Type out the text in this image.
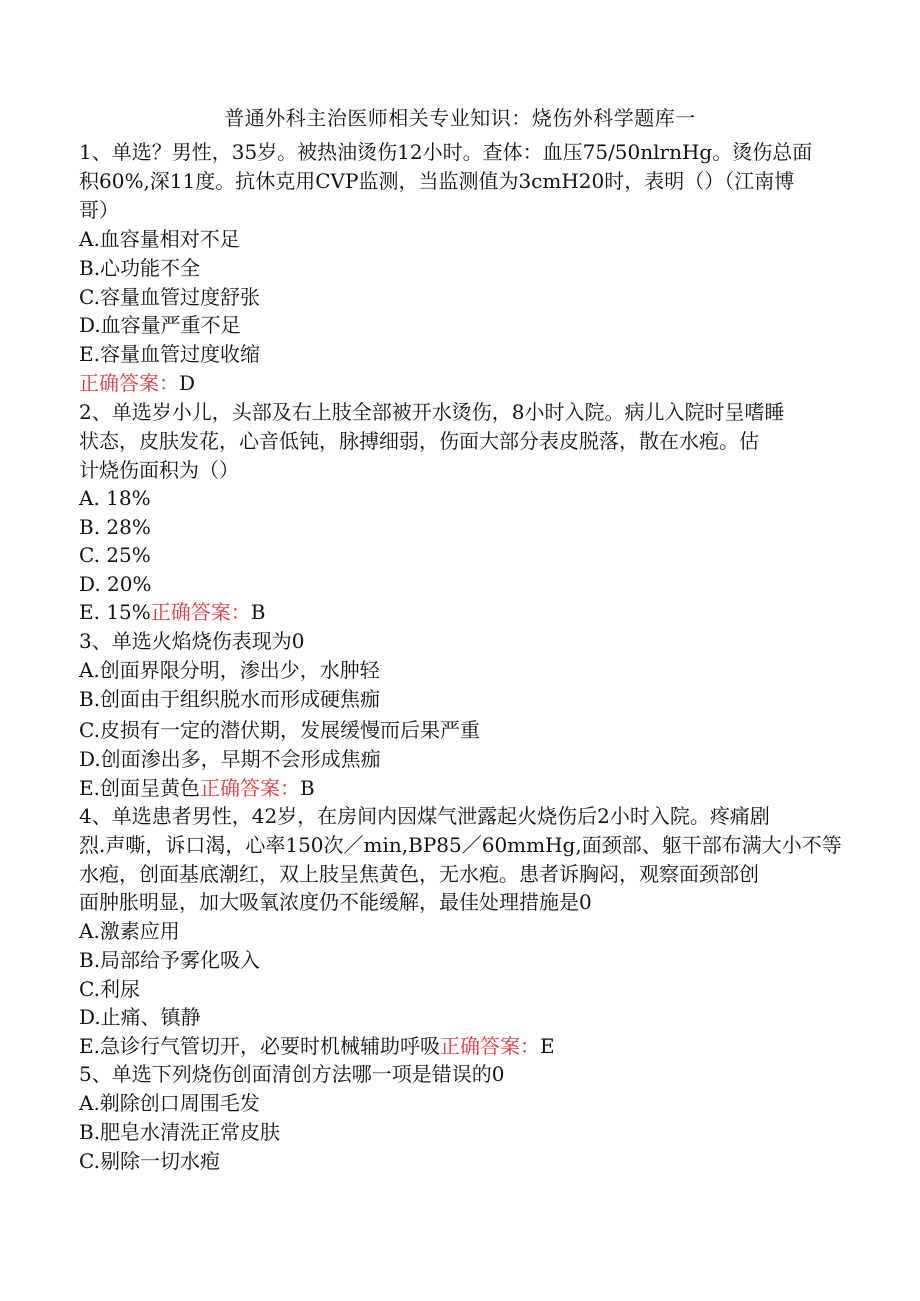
普通外科主治医师相关专业知识：烧伤外科学题库一
1、单选？男性，35岁。被热油烫伤12小时。查体：血压75/50nlrnHg。烫伤总面
积60%,深11度。抗休克用CVP监测，当监测值为3cmH20时，表明（）（江南博
哥）
A.血容量相对不足
B.心功能不全
C.容量血管过度舒张
D.血容量严重不足
E.容量血管过度收缩
正确答案：D
2、单选岁小儿，头部及右上肢全部被开水烫伤，8小时入院。病儿入院时呈嗜睡
状态，皮肤发花，心音低钝，脉搏细弱，伤面大部分表皮脱落，散在水疱。估
计烧伤面积为（）
A. 18%
B. 28%
C. 25%
D. 20%
E. 15%正确答案：B
3、单选火焰烧伤表现为0
A.创面界限分明，渗出少，水肿轻
B.创面由于组织脱水而形成硬焦痂
C.皮损有一定的潜伏期，发展缓慢而后果严重
D.创面渗出多，早期不会形成焦痂
E.创面呈黄色正确答案：B
4、单选患者男性，42岁，在房间内因煤气泄露起火烧伤后2小时入院。疼痛剧
烈.声嘶，诉口渴，心率150次／min,BP85／60mmHg,面颈部、躯干部布满大小不等
水疱，创面基底潮红，双上肢呈焦黄色，无水疱。患者诉胸闷，观察面颈部创
面肿胀明显，加大吸氧浓度仍不能缓解，最佳处理措施是0
A.激素应用
B.局部给予雾化吸入
C.利尿
D.止痛、镇静
E.急诊行气管切开，必要时机械辅助呼吸正确答案：E
5、单选下列烧伤创面清创方法哪一项是错误的0
A.剃除创口周围毛发
B.肥皂水清洗正常皮肤
C.剔除一切水疱
